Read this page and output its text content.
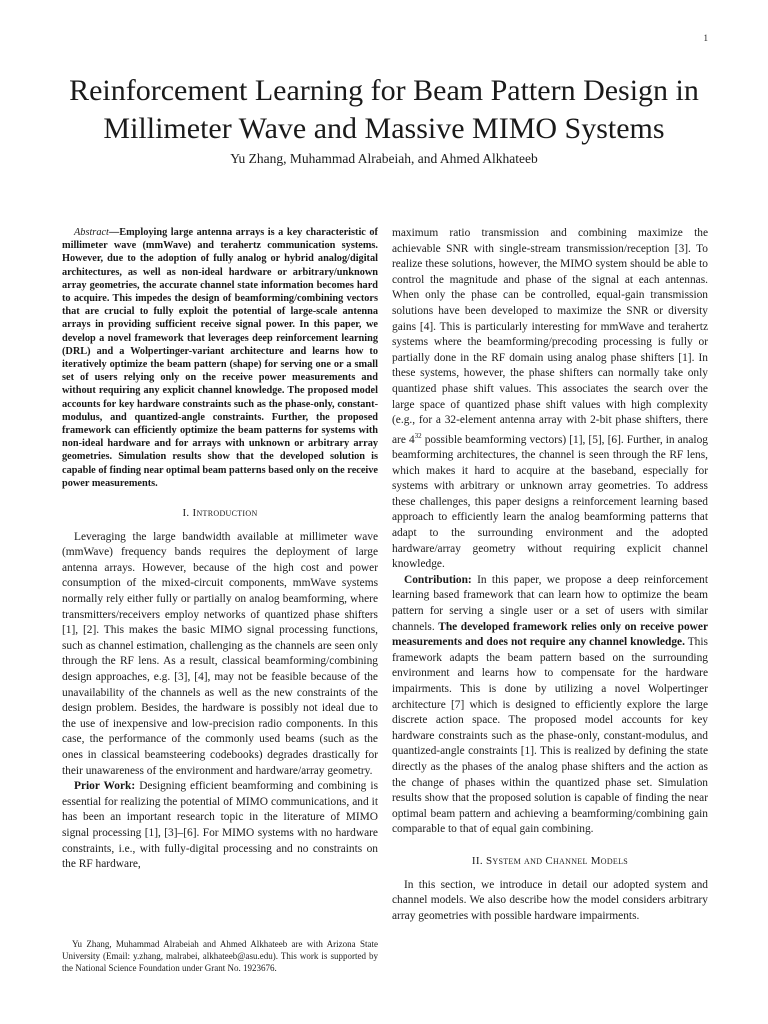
1
Reinforcement Learning for Beam Pattern Design in
Millimeter Wave and Massive MIMO Systems
Yu Zhang, Muhammad Alrabeiah, and Ahmed Alkhateeb

Abstract—Employing large antenna arrays is a key characteristic of millimeter wave (mmWave) and terahertz communication systems. However, due to the adoption of fully analog or hybrid analog/digital architectures, as well as non-ideal hardware or arbitrary/unknown array geometries, the accurate channel state information becomes hard to acquire. This impedes the design of beamforming/combining vectors that are crucial to fully exploit the potential of large-scale antenna arrays in providing sufficient receive signal power. In this paper, we develop a novel framework that leverages deep reinforcement learning (DRL) and a Wolpertinger-variant architecture and learns how to iteratively optimize the beam pattern (shape) for serving one or a small set of users relying only on the receive power measurements and without requiring any explicit channel knowledge. The proposed model accounts for key hardware constraints such as the phase-only, constant-modulus, and quantized-angle constraints. Further, the proposed framework can efficiently optimize the beam patterns for systems with non-ideal hardware and for arrays with unknown or arbitrary array geometries. Simulation results show that the developed solution is capable of finding near optimal beam patterns based only on the receive power measurements.

I. Introduction

Leveraging the large bandwidth available at millimeter wave (mmWave) frequency bands requires the deployment of large antenna arrays. However, because of the high cost and power consumption of the mixed-circuit components, mmWave systems normally rely either fully or partially on analog beamforming, where transmitters/receivers employ networks of quantized phase shifters [1], [2]. This makes the basic MIMO signal processing functions, such as channel estimation, challenging as the channels are seen only through the RF lens. As a result, classical beamforming/combining design approaches, e.g. [3], [4], may not be feasible because of the unavailability of the channels as well as the new constraints of the design problem. Besides, the hardware is possibly not ideal due to the use of inexpensive and low-precision radio components. In this case, the performance of the commonly used beams (such as the ones in classical beamsteering codebooks) degrades drastically for their unawareness of the environment and hardware/array geometry.

Prior Work: Designing efficient beamforming and combining is essential for realizing the potential of MIMO communications, and it has been an important research topic in the literature of MIMO signal processing [1], [3]–[6]. For MIMO systems with no hardware constraints, i.e., with fully-digital processing and no constraints on the RF hardware,

Yu Zhang, Muhammad Alrabeiah and Ahmed Alkhateeb are with Arizona State University (Email: y.zhang, malrabei, alkhateeb@asu.edu). This work is supported by the National Science Foundation under Grant No. 1923676.

maximum ratio transmission and combining maximize the achievable SNR with single-stream transmission/reception [3]. To realize these solutions, however, the MIMO system should be able to control the magnitude and phase of the signal at each antennas. When only the phase can be controlled, equal-gain transmission solutions have been developed to maximize the SNR or diversity gains [4]. This is particularly interesting for mmWave and terahertz systems where the beamforming/precoding processing is fully or partially done in the RF domain using analog phase shifters [1]. In these systems, however, the phase shifters can normally take only quantized phase shift values. This associates the search over the large space of quantized phase shift values with high complexity (e.g., for a 32-element antenna array with 2-bit phase shifters, there are $4^{32}$ possible beamforming vectors) [1], [5], [6]. Further, in analog beamforming architectures, the channel is seen through the RF lens, which makes it hard to acquire at the baseband, especially for systems with arbitrary or unknown array geometries. To address these challenges, this paper designs a reinforcement learning based approach to efficiently learn the analog beamforming patterns that adapt to the surrounding environment and the adopted hardware/array geometry without requiring explicit channel knowledge.

Contribution: In this paper, we propose a deep reinforcement learning based framework that can learn how to optimize the beam pattern for serving a single user or a set of users with similar channels. The developed framework relies only on receive power measurements and does not require any channel knowledge. This framework adapts the beam pattern based on the surrounding environment and learns how to compensate for the hardware impairments. This is done by utilizing a novel Wolpertinger architecture [7] which is designed to efficiently explore the large discrete action space. The proposed model accounts for key hardware constraints such as the phase-only, constant-modulus, and quantized-angle constraints [1]. This is realized by defining the state directly as the phases of the analog phase shifters and the action as the change of phases within the quantized phase set. Simulation results show that the proposed solution is capable of finding the near optimal beam pattern and achieving a beamforming/combining gain comparable to that of equal gain combining.

II. System and Channel Models

In this section, we introduce in detail our adopted system and channel models. We also describe how the model considers arbitrary array geometries with possible hardware impairments.
